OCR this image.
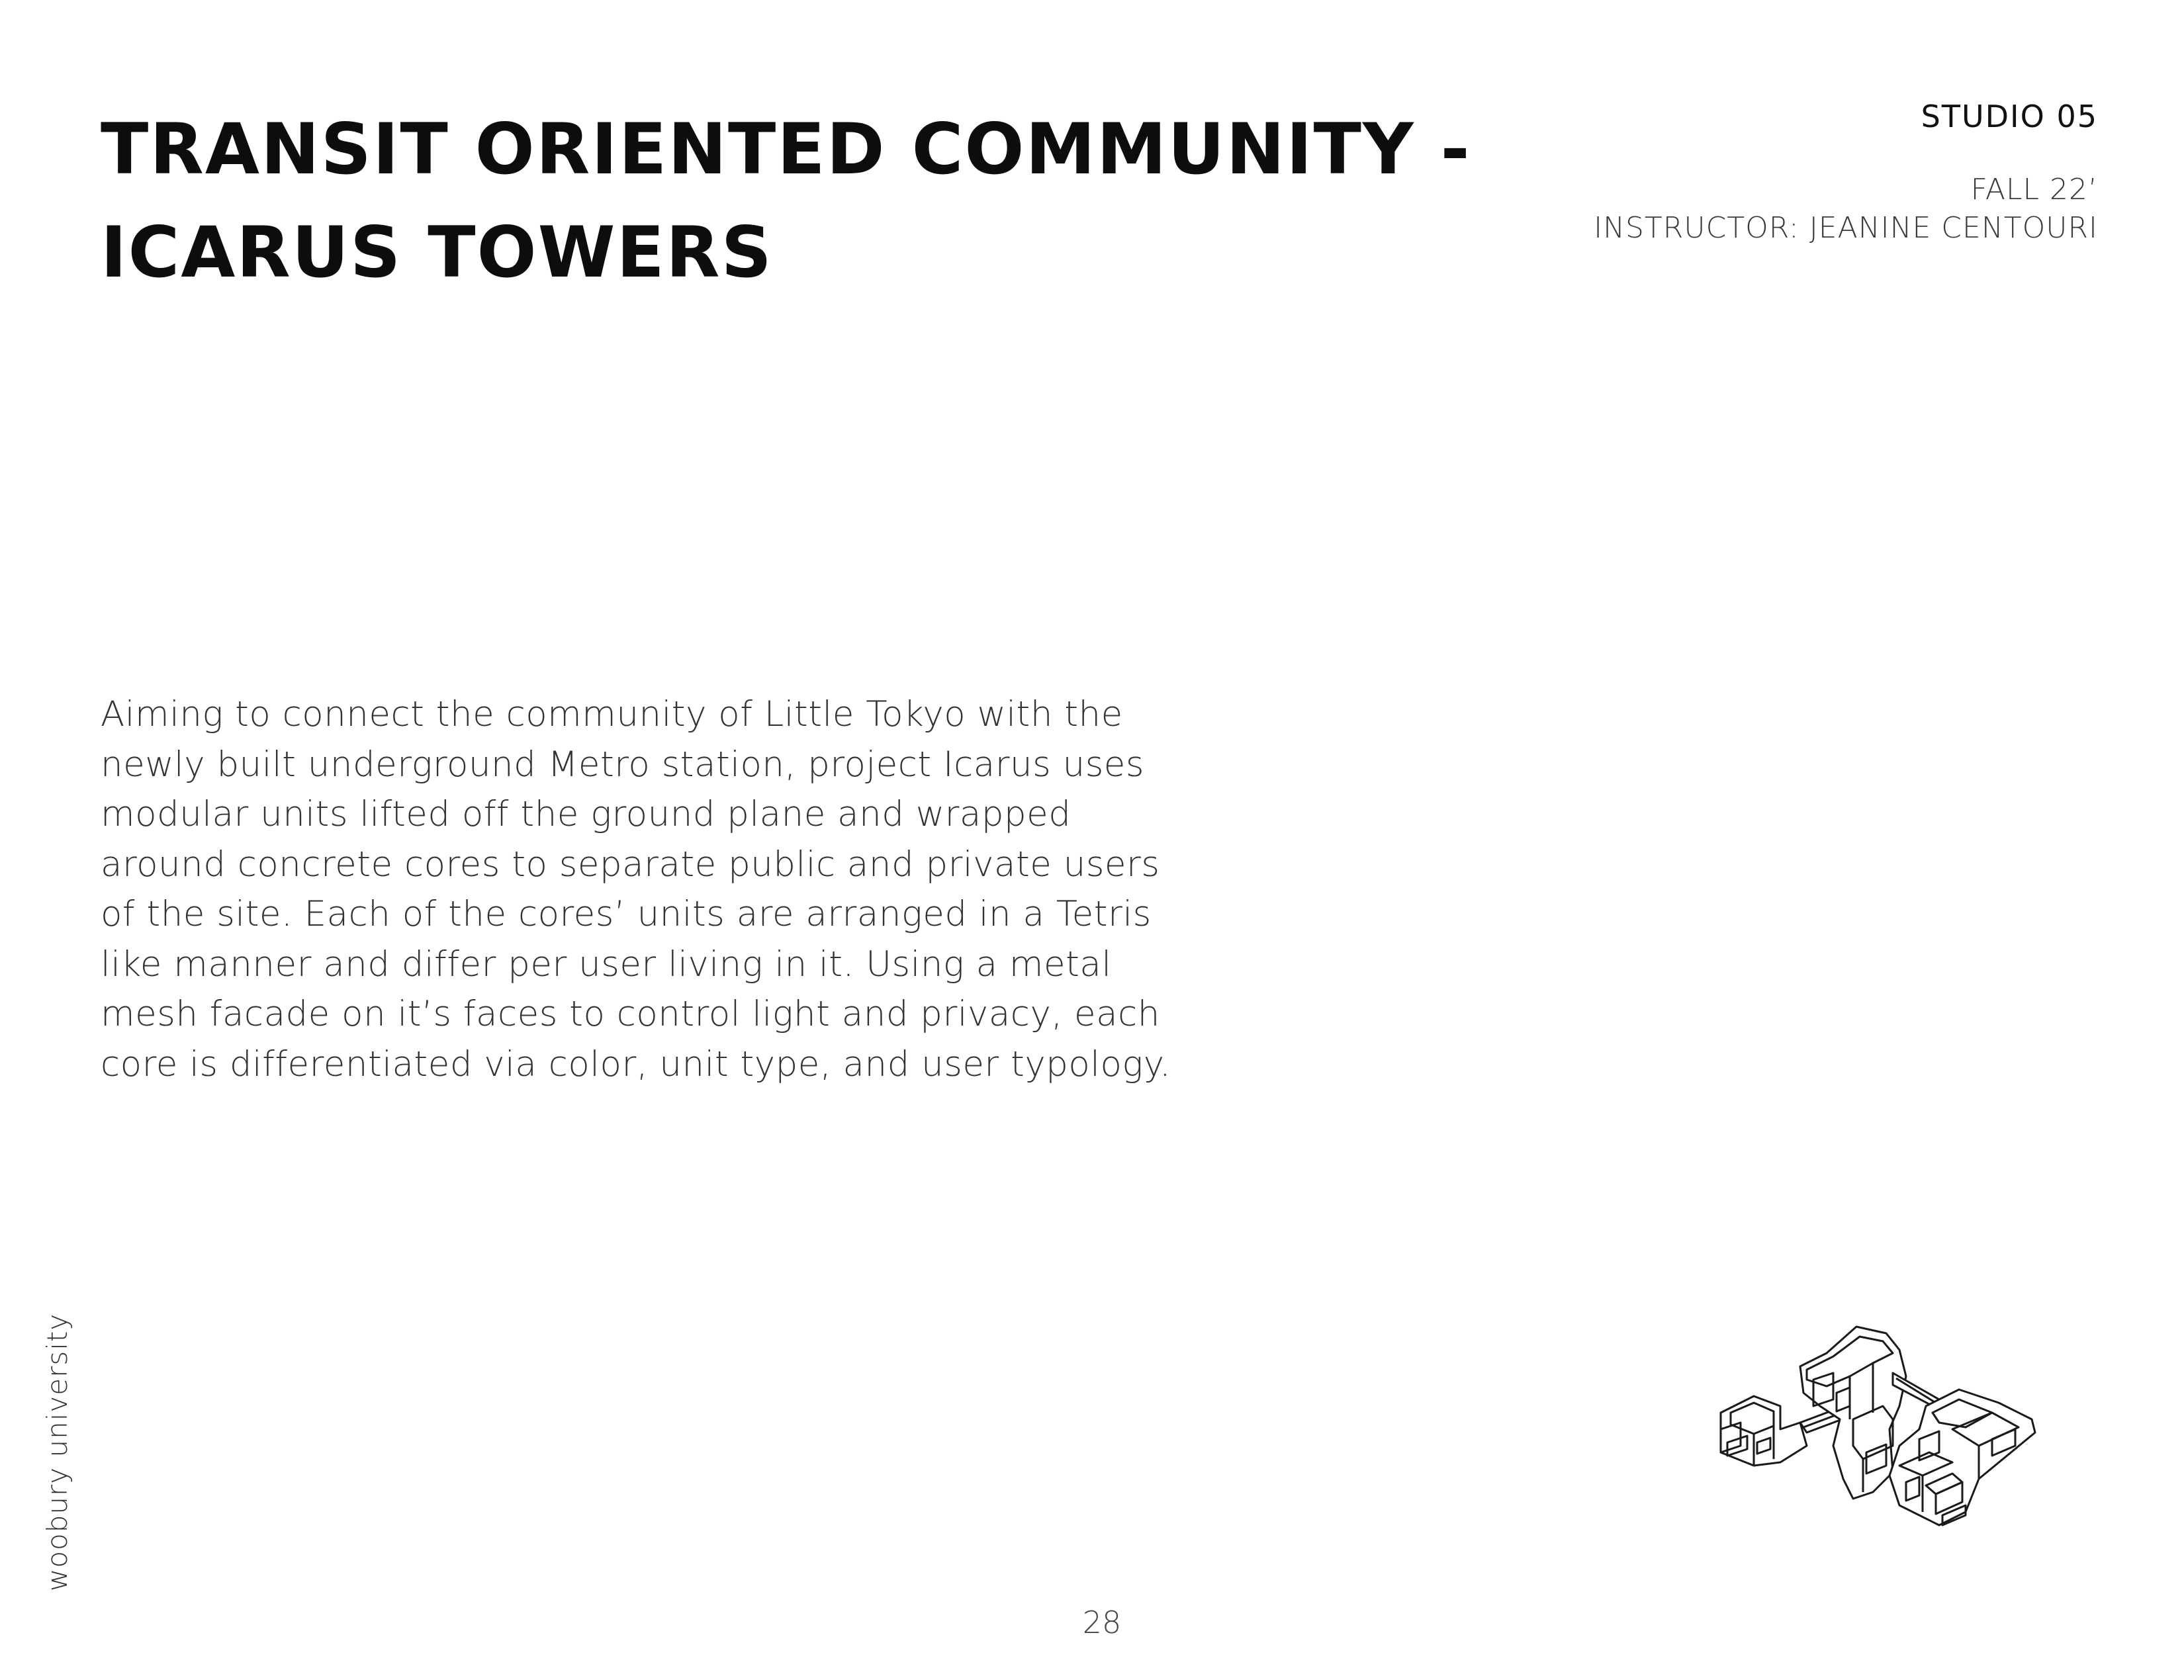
TRANSIT ORIENTED COMMUNITY -
ICARUS TOWERS
STUDIO 05
FALL 22’
INSTRUCTOR: JEANINE CENTOURI
Aiming to connect the community of Little Tokyo with the
newly built underground Metro station, project Icarus uses
modular units lifted off the ground plane and wrapped
around concrete cores to separate public and private users
of the site. Each of the cores’ units are arranged in a Tetris
like manner and differ per user living in it. Using a metal
mesh facade on it’s faces to control light and privacy, each
core is differentiated via color, unit type, and user typology.
woobury university
28
